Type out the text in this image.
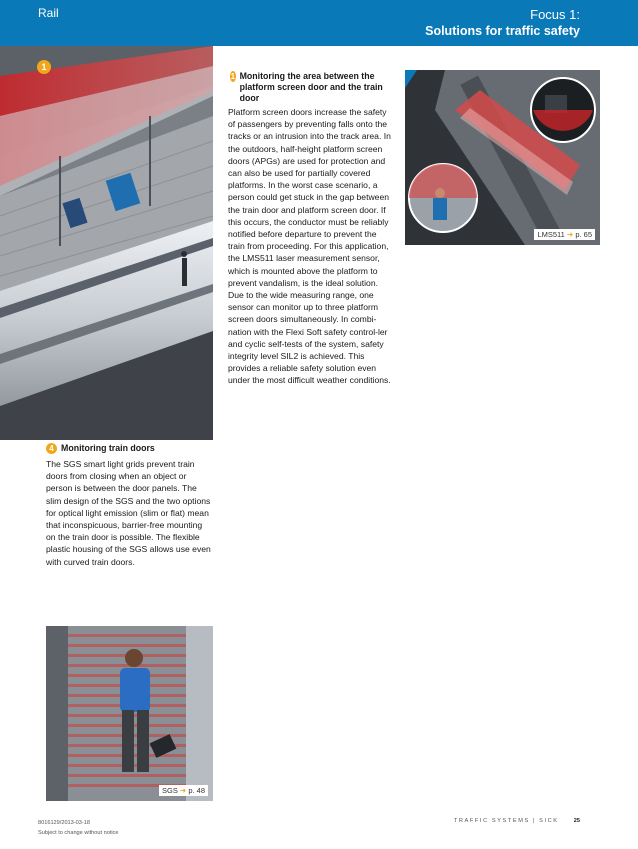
Rail	Focus 1:
Solutions for traffic safety
1
LMS511 ➜ p. 65
1 Monitoring the area between the platform screen door and the train door
Platform screen doors increase the safety of passengers by preventing falls onto the tracks or an intrusion into the track area. In the outdoors, half-height platform screen doors (APGs) are used for protection and can also be used for partially covered platforms. In the worst case scenario, a person could get stuck in the gap between the train door and platform screen door. If this occurs, the conductor must be reliably notified before departure to prevent the train from proceeding. For this application, the LMS511 laser measurement sensor, which is mounted above the platform to prevent vandalism, is the ideal solution. Due to the wide measuring range, one sensor can monitor up to three platform screen doors simultaneously. In combi-nation with the Flexi Soft safety control-ler and cyclic self-tests of the system, safety integrity level SIL2 is achieved. This provides a reliable safety solution even under the most difficult weather conditions.
4 Monitoring train doors
The SGS smart light grids prevent train doors from closing when an object or person is between the door panels. The slim design of the SGS and the two options for optical light emission (slim or flat) mean that inconspicuous, barrier-free mounting on the train door is possible. The flexible plastic housing of the SGS allows use even with curved train doors.
SGS ➜ p. 48
8016129/2013-03-18
Subject to change without notice
TRAFFIC SYSTEMS | SICK	25
